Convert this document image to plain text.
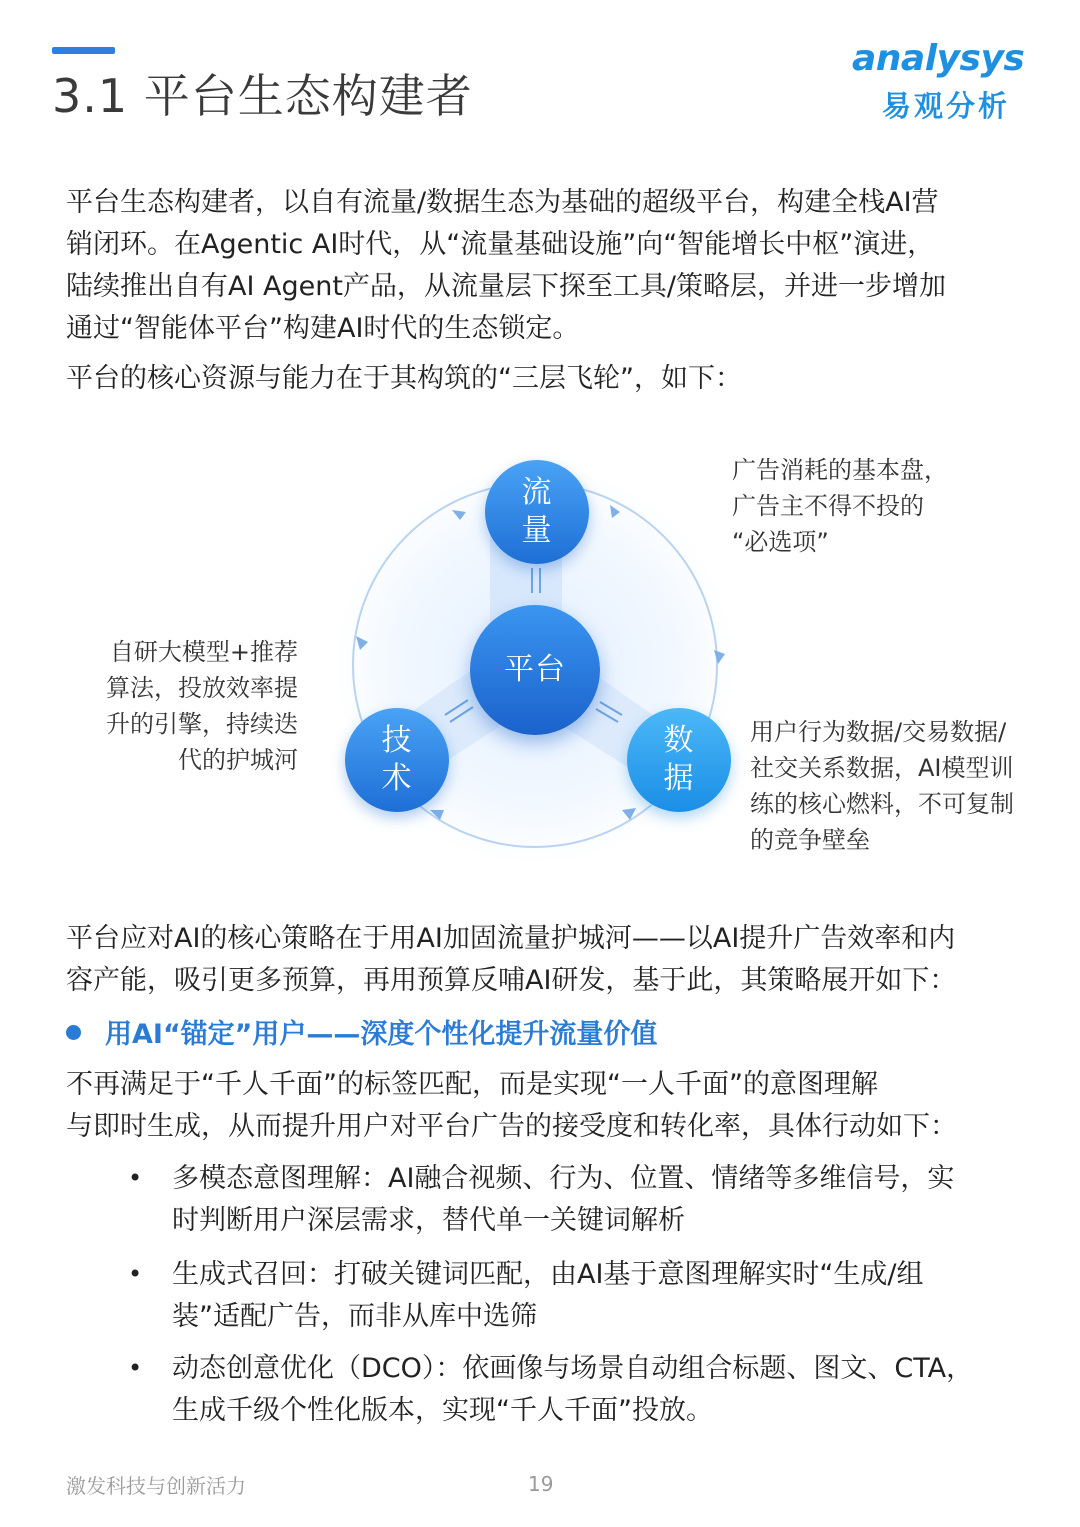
3.1 平台生态构建者
analysys
易观分析
平台生态构建者，以自有流量/数据生态为基础的超级平台，构建全栈AI营
销闭环。在Agentic AI时代，从“流量基础设施”向“智能增长中枢”演进，
陆续推出自有AI Agent产品，从流量层下探至工具/策略层，并进一步增加
通过“智能体平台”构建AI时代的生态锁定。
平台的核心资源与能力在于其构筑的“三层飞轮”，如下：
流
量
平台
技
术
数
据
广告消耗的基本盘，
广告主不得不投的
“必选项”
自研大模型+推荐
算法，投放效率提
升的引擎，持续迭
代的护城河
用户行为数据/交易数据/
社交关系数据，AI模型训
练的核心燃料，不可复制
的竞争壁垒
平台应对AI的核心策略在于用AI加固流量护城河——以AI提升广告效率和内
容产能，吸引更多预算，再用预算反哺AI研发，基于此，其策略展开如下：
用AI“锚定”用户——深度个性化提升流量价值
不再满足于“千人千面”的标签匹配，而是实现“一人千面”的意图理解
与即时生成，从而提升用户对平台广告的接受度和转化率，具体行动如下：
• 多模态意图理解：AI融合视频、行为、位置、情绪等多维信号，实
时判断用户深层需求，替代单一关键词解析
• 生成式召回：打破关键词匹配，由AI基于意图理解实时“生成/组
装”适配广告，而非从库中选筛
• 动态创意优化（DCO）：依画像与场景自动组合标题、图文、CTA，
生成千级个性化版本，实现“千人千面”投放。
激发科技与创新活力	19
